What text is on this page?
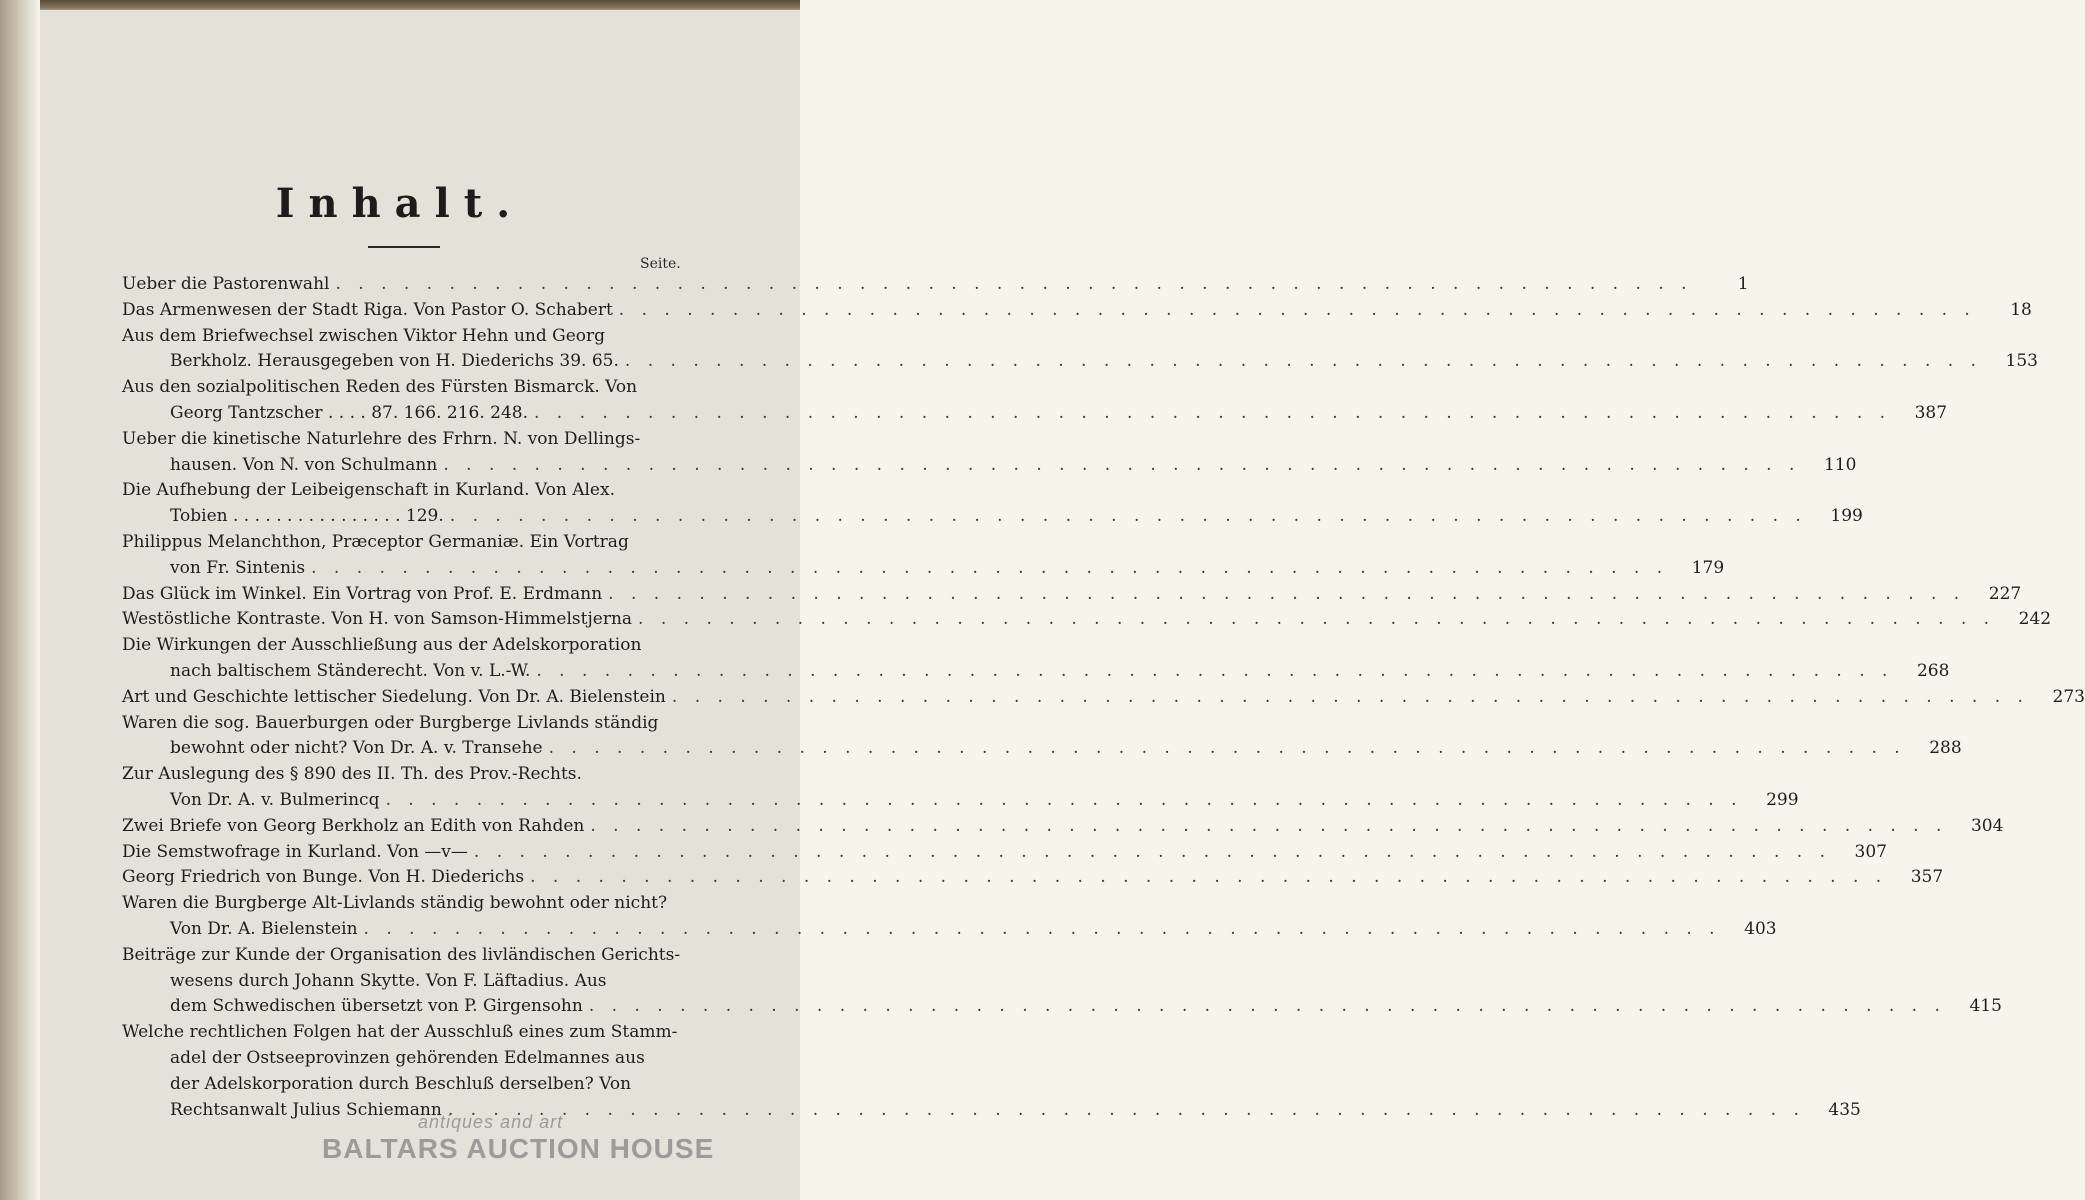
Inhalt.
Seite.
Ueber die Pastorenwahl . . . . . . . . . . . . . . . . . . . . . . . . . . . . . . . . . . . . . . . . . . . . . . . . . . . . . . . . . . . .	1
Das Armenwesen der Stadt Riga. Von Pastor O. Schabert . . . . . . . . . . . . . . . . . . . . . . . . . . . . . . . . . . . . . . . . . . . . . . . . . . . . . . . . . . . .	18
Aus dem Briefwechsel zwischen Viktor Hehn und Georg
Berkholz. Herausgegeben von H. Diederichs 39. 65. . . . . . . . . . . . . . . . . . . . . . . . . . . . . . . . . . . . . . . . . . . . . . . . . . . . . . . . . . . . .	153
Aus den sozialpolitischen Reden des Fürsten Bismarck. Von
Georg Tantzscher . . . . 87. 166. 216. 248. . . . . . . . . . . . . . . . . . . . . . . . . . . . . . . . . . . . . . . . . . . . . . . . . . . . . . . . . . . . .	387
Ueber die kinetische Naturlehre des Frhrn. N. von Dellings-
hausen. Von N. von Schulmann . . . . . . . . . . . . . . . . . . . . . . . . . . . . . . . . . . . . . . . . . . . . . . . . . . . . . . . . . . . .	110
Die Aufhebung der Leibeigenschaft in Kurland. Von Alex.
Tobien . . . . . . . . . . . . . . . . 129. . . . . . . . . . . . . . . . . . . . . . . . . . . . . . . . . . . . . . . . . . . . . . . . . . . . . . . . . . . . .	199
Philippus Melanchthon, Præceptor Germaniæ. Ein Vortrag
von Fr. Sintenis . . . . . . . . . . . . . . . . . . . . . . . . . . . . . . . . . . . . . . . . . . . . . . . . . . . . . . . . . . . .	179
Das Glück im Winkel. Ein Vortrag von Prof. E. Erdmann . . . . . . . . . . . . . . . . . . . . . . . . . . . . . . . . . . . . . . . . . . . . . . . . . . . . . . . . . . . .	227
Westöstliche Kontraste. Von H. von Samson-Himmelstjerna . . . . . . . . . . . . . . . . . . . . . . . . . . . . . . . . . . . . . . . . . . . . . . . . . . . . . . . . . . . .	242
Die Wirkungen der Ausschließung aus der Adelskorporation
nach baltischem Ständerecht. Von v. L.-W. . . . . . . . . . . . . . . . . . . . . . . . . . . . . . . . . . . . . . . . . . . . . . . . . . . . . . . . . . . . .	268
Art und Geschichte lettischer Siedelung. Von Dr. A. Bielenstein . . . . . . . . . . . . . . . . . . . . . . . . . . . . . . . . . . . . . . . . . . . . . . . . . . . . . . . . . . . .	273
Waren die sog. Bauerburgen oder Burgberge Livlands ständig
bewohnt oder nicht? Von Dr. A. v. Transehe . . . . . . . . . . . . . . . . . . . . . . . . . . . . . . . . . . . . . . . . . . . . . . . . . . . . . . . . . . . .	288
Zur Auslegung des § 890 des II. Th. des Prov.-Rechts.
Von Dr. A. v. Bulmerincq . . . . . . . . . . . . . . . . . . . . . . . . . . . . . . . . . . . . . . . . . . . . . . . . . . . . . . . . . . . .	299
Zwei Briefe von Georg Berkholz an Edith von Rahden . . . . . . . . . . . . . . . . . . . . . . . . . . . . . . . . . . . . . . . . . . . . . . . . . . . . . . . . . . . .	304
Die Semstwofrage in Kurland. Von —v— . . . . . . . . . . . . . . . . . . . . . . . . . . . . . . . . . . . . . . . . . . . . . . . . . . . . . . . . . . . .	307
Georg Friedrich von Bunge. Von H. Diederichs . . . . . . . . . . . . . . . . . . . . . . . . . . . . . . . . . . . . . . . . . . . . . . . . . . . . . . . . . . . .	357
Waren die Burgberge Alt-Livlands ständig bewohnt oder nicht?
Von Dr. A. Bielenstein . . . . . . . . . . . . . . . . . . . . . . . . . . . . . . . . . . . . . . . . . . . . . . . . . . . . . . . . . . . .	403
Beiträge zur Kunde der Organisation des livländischen Gerichts-
wesens durch Johann Skytte. Von F. Läftadius. Aus
dem Schwedischen übersetzt von P. Girgensohn . . . . . . . . . . . . . . . . . . . . . . . . . . . . . . . . . . . . . . . . . . . . . . . . . . . . . . . . . . . .	415
Welche rechtlichen Folgen hat der Ausschluß eines zum Stamm-
adel der Ostseeprovinzen gehörenden Edelmannes aus
der Adelskorporation durch Beschluß derselben? Von
Rechtsanwalt Julius Schiemann . . . . . . . . . . . . . . . . . . . . . . . . . . . . . . . . . . . . . . . . . . . . . . . . . . . . . . . . . . . .	435
antiques and art
BALTARS AUCTION HOUSE
